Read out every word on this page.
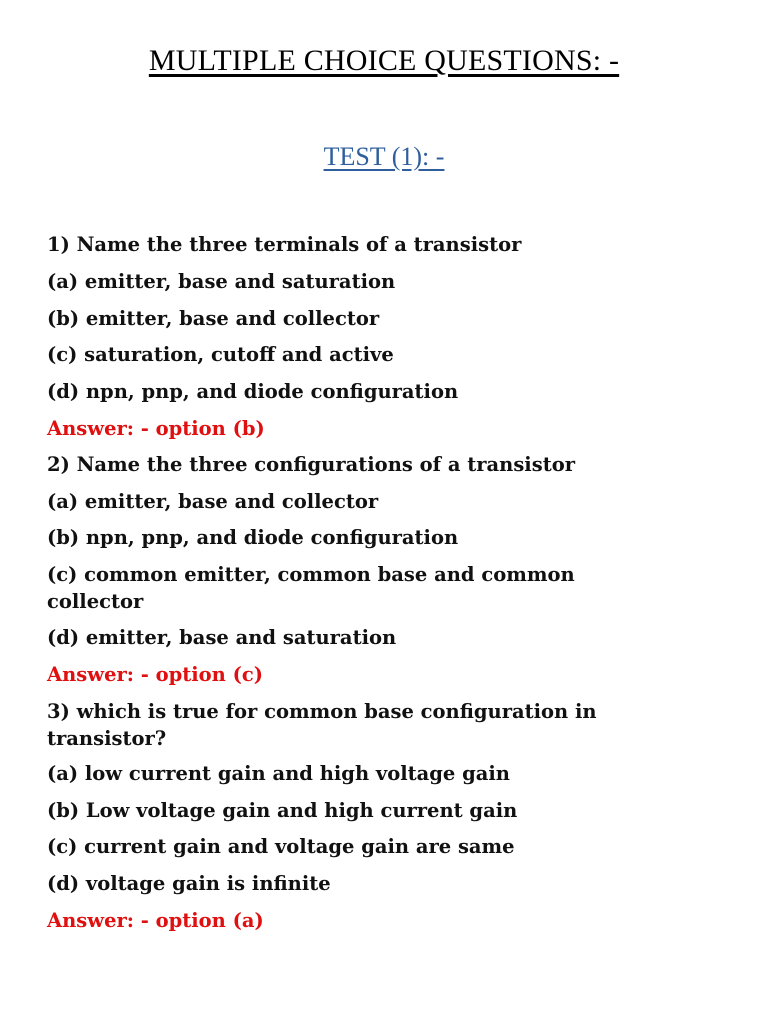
MULTIPLE CHOICE QUESTIONS: -
TEST (1): -
1) Name the three terminals of a transistor
(a) emitter, base and saturation
(b) emitter, base and collector
(c) saturation, cutoff and active
(d) npn, pnp, and diode configuration
Answer: - option (b)
2) Name the three configurations of a transistor
(a) emitter, base and collector
(b) npn, pnp, and diode configuration
(c) common emitter, common base and common collector
(d) emitter, base and saturation
Answer: - option (c)
3) which is true for common base configuration in transistor?
(a) low current gain and high voltage gain
(b) Low voltage gain and high current gain
(c) current gain and voltage gain are same
(d) voltage gain is infinite
Answer: - option (a)
